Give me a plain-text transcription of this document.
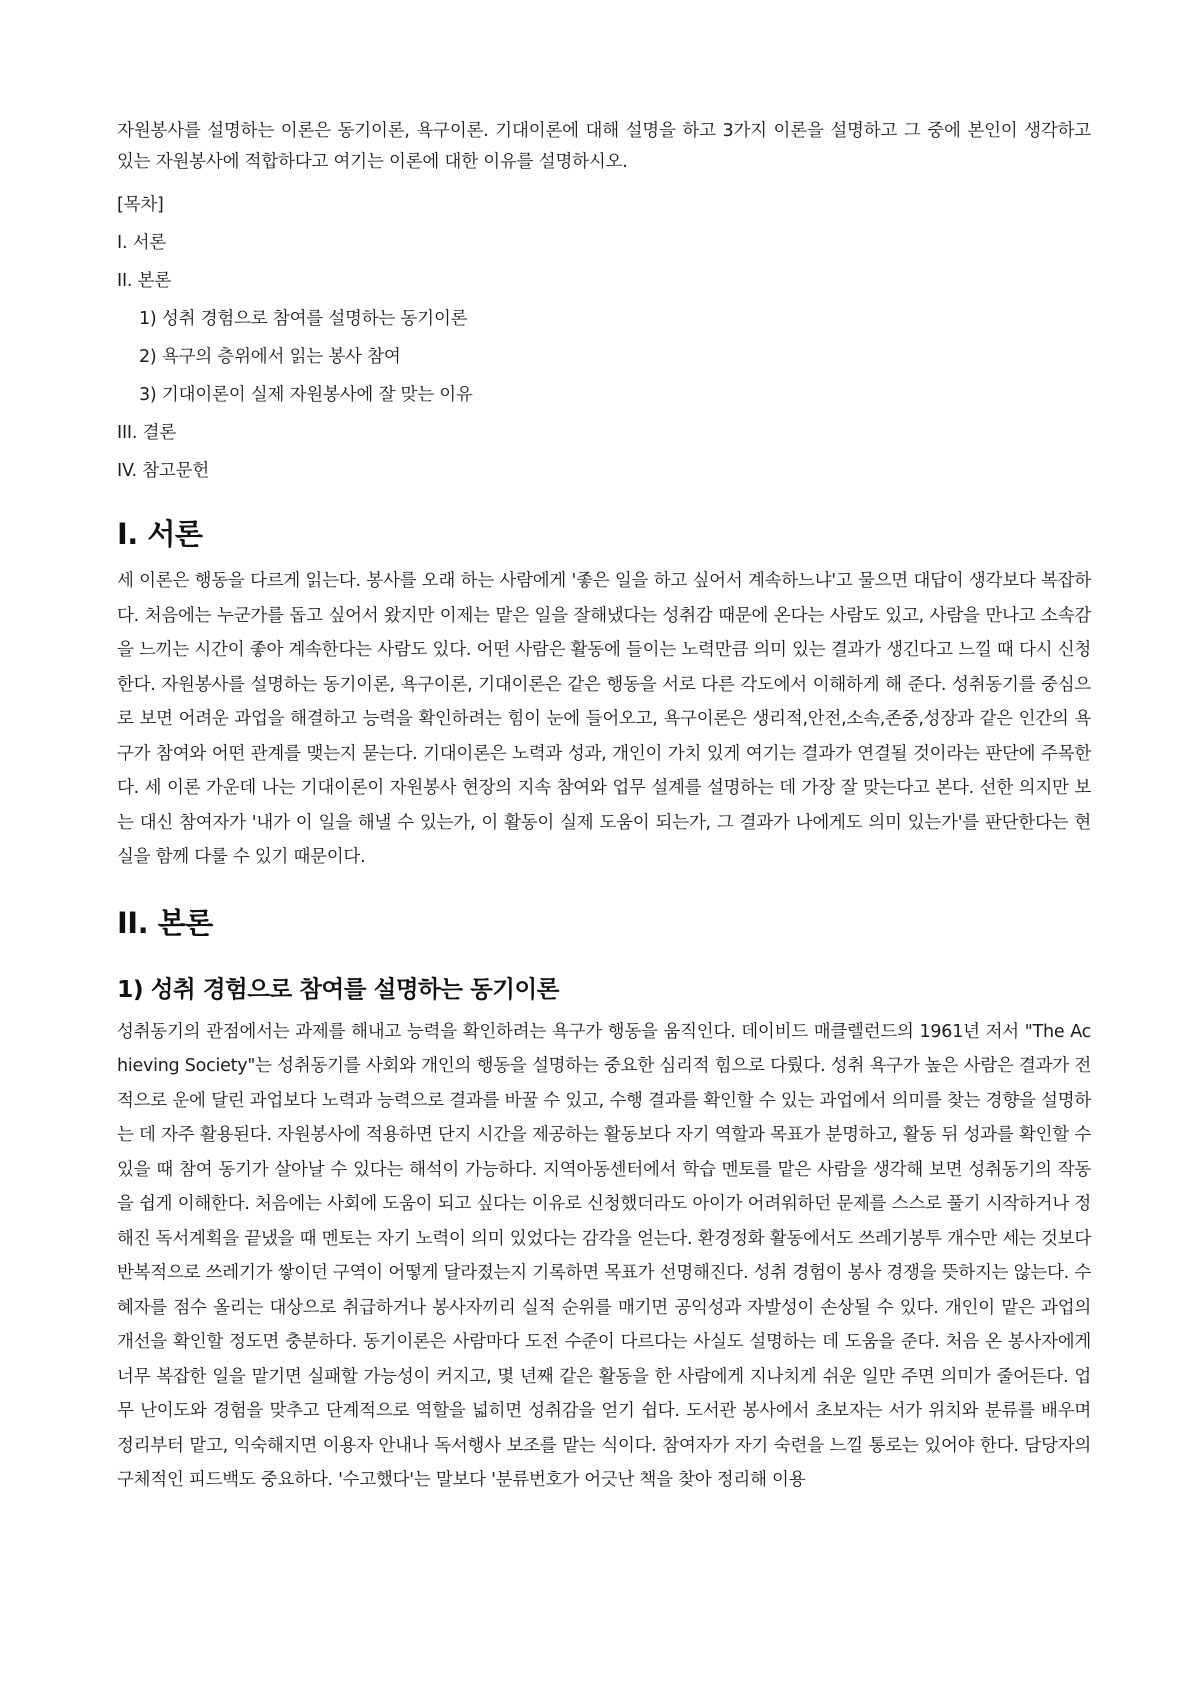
자원봉사를 설명하는 이론은 동기이론, 욕구이론. 기대이론에 대해 설명을 하고 3가지 이론을 설명하고 그 중에 본인이 생각하고 있는 자원봉사에 적합하다고 여기는 이론에 대한 이유를 설명하시오.

[목차]

I. 서론

II. 본론

1) 성취 경험으로 참여를 설명하는 동기이론

2) 욕구의 층위에서 읽는 봉사 참여

3) 기대이론이 실제 자원봉사에 잘 맞는 이유

III. 결론

IV. 참고문헌

I. 서론

세 이론은 행동을 다르게 읽는다. 봉사를 오래 하는 사람에게 '좋은 일을 하고 싶어서 계속하느냐'고 물으면 대답이 생각보다 복잡하다. 처음에는 누군가를 돕고 싶어서 왔지만 이제는 맡은 일을 잘해냈다는 성취감 때문에 온다는 사람도 있고, 사람을 만나고 소속감을 느끼는 시간이 좋아 계속한다는 사람도 있다. 어떤 사람은 활동에 들이는 노력만큼 의미 있는 결과가 생긴다고 느낄 때 다시 신청한다. 자원봉사를 설명하는 동기이론, 욕구이론, 기대이론은 같은 행동을 서로 다른 각도에서 이해하게 해 준다. 성취동기를 중심으로 보면 어려운 과업을 해결하고 능력을 확인하려는 힘이 눈에 들어오고, 욕구이론은 생리적,안전,소속,존중,성장과 같은 인간의 욕구가 참여와 어떤 관계를 맺는지 묻는다. 기대이론은 노력과 성과, 개인이 가치 있게 여기는 결과가 연결될 것이라는 판단에 주목한다. 세 이론 가운데 나는 기대이론이 자원봉사 현장의 지속 참여와 업무 설계를 설명하는 데 가장 잘 맞는다고 본다. 선한 의지만 보는 대신 참여자가 '내가 이 일을 해낼 수 있는가, 이 활동이 실제 도움이 되는가, 그 결과가 나에게도 의미 있는가'를 판단한다는 현실을 함께 다룰 수 있기 때문이다.

II. 본론
1) 성취 경험으로 참여를 설명하는 동기이론

성취동기의 관점에서는 과제를 해내고 능력을 확인하려는 욕구가 행동을 움직인다. 데이비드 매클렐런드의 1961년 저서 "The Achieving Society"는 성취동기를 사회와 개인의 행동을 설명하는 중요한 심리적 힘으로 다뤘다. 성취 욕구가 높은 사람은 결과가 전적으로 운에 달린 과업보다 노력과 능력으로 결과를 바꿀 수 있고, 수행 결과를 확인할 수 있는 과업에서 의미를 찾는 경향을 설명하는 데 자주 활용된다. 자원봉사에 적용하면 단지 시간을 제공하는 활동보다 자기 역할과 목표가 분명하고, 활동 뒤 성과를 확인할 수 있을 때 참여 동기가 살아날 수 있다는 해석이 가능하다. 지역아동센터에서 학습 멘토를 맡은 사람을 생각해 보면 성취동기의 작동을 쉽게 이해한다. 처음에는 사회에 도움이 되고 싶다는 이유로 신청했더라도 아이가 어려워하던 문제를 스스로 풀기 시작하거나 정해진 독서계획을 끝냈을 때 멘토는 자기 노력이 의미 있었다는 감각을 얻는다. 환경정화 활동에서도 쓰레기봉투 개수만 세는 것보다 반복적으로 쓰레기가 쌓이던 구역이 어떻게 달라졌는지 기록하면 목표가 선명해진다. 성취 경험이 봉사 경쟁을 뜻하지는 않는다. 수혜자를 점수 올리는 대상으로 취급하거나 봉사자끼리 실적 순위를 매기면 공익성과 자발성이 손상될 수 있다. 개인이 맡은 과업의 개선을 확인할 정도면 충분하다. 동기이론은 사람마다 도전 수준이 다르다는 사실도 설명하는 데 도움을 준다. 처음 온 봉사자에게 너무 복잡한 일을 맡기면 실패할 가능성이 커지고, 몇 년째 같은 활동을 한 사람에게 지나치게 쉬운 일만 주면 의미가 줄어든다. 업무 난이도와 경험을 맞추고 단계적으로 역할을 넓히면 성취감을 얻기 쉽다. 도서관 봉사에서 초보자는 서가 위치와 분류를 배우며 정리부터 맡고, 익숙해지면 이용자 안내나 독서행사 보조를 맡는 식이다. 참여자가 자기 숙련을 느낄 통로는 있어야 한다. 담당자의 구체적인 피드백도 중요하다. '수고했다'는 말보다 '분류번호가 어긋난 책을 찾아 정리해 이용
